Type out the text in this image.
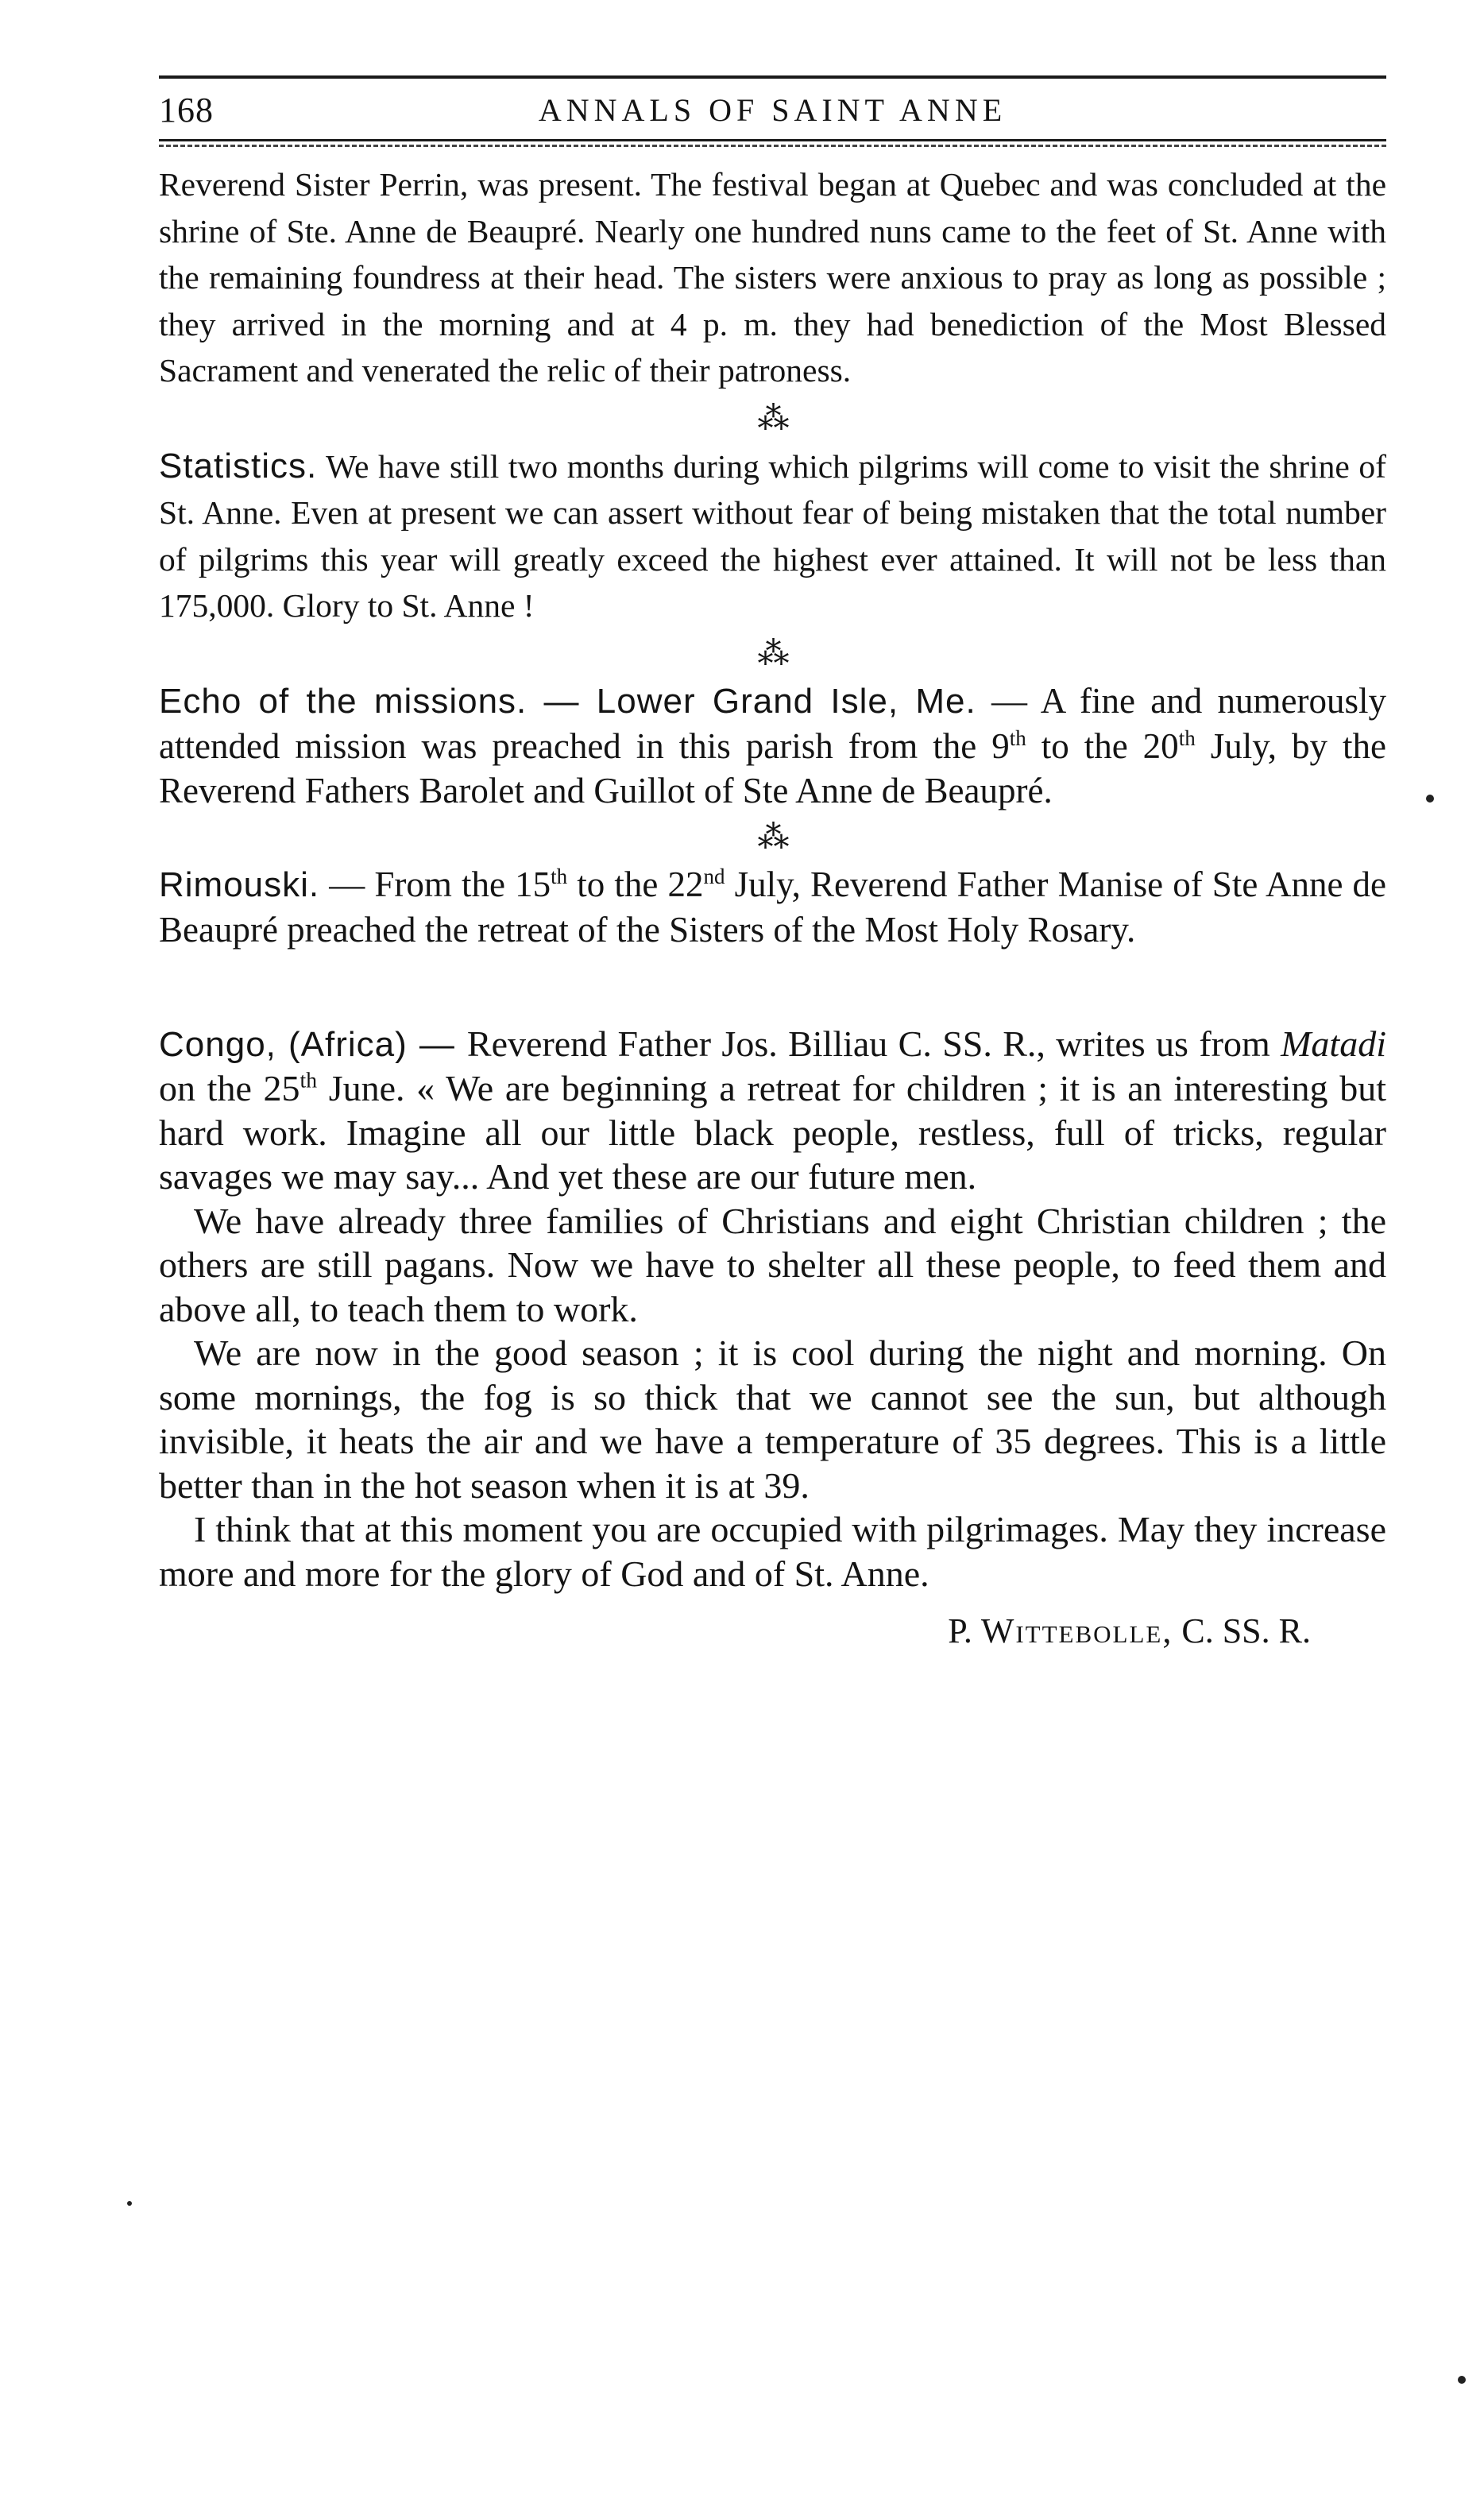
168	ANNALS OF SAINT ANNE

Reverend Sister Perrin, was present. The festival began at Quebec and was concluded at the shrine of Ste. Anne de Beaupré. Nearly one hundred nuns came to the feet of St. Anne with the remaining foundress at their head. The sisters were anxious to pray as long as possible ; they arrived in the morning and at 4 p. m. they had benediction of the Most Blessed Sacrament and venerated the relic of their patroness.

⁂

Statistics. We have still two months during which pilgrims will come to visit the shrine of St. Anne. Even at present we can assert without fear of being mistaken that the total number of pilgrims this year will greatly exceed the highest ever attained. It will not be less than 175,000. Glory to St. Anne !

⁂

Echo of the missions. — Lower Grand Isle, Me. — A fine and numerously attended mission was preached in this parish from the 9th to the 20th July, by the Reverend Fathers Barolet and Guillot of Ste Anne de Beaupré.

⁂

Rimouski. — From the 15th to the 22nd July, Reverend Father Manise of Ste Anne de Beaupré preached the retreat of the Sisters of the Most Holy Rosary.

Congo, (Africa) — Reverend Father Jos. Billiau C. SS. R., writes us from Matadi on the 25th June. « We are beginning a retreat for children ; it is an interesting but hard work. Imagine all our little black people, restless, full of tricks, regular savages we may say... And yet these are our future men.

We have already three families of Christians and eight Christian children ; the others are still pagans. Now we have to shelter all these people, to feed them and above all, to teach them to work.

We are now in the good season ; it is cool during the night and morning. On some mornings, the fog is so thick that we cannot see the sun, but although invisible, it heats the air and we have a temperature of 35 degrees. This is a little better than in the hot season when it is at 39.

I think that at this moment you are occupied with pilgrimages. May they increase more and more for the glory of God and of St. Anne.

P. Wittebolle, C. SS. R.
